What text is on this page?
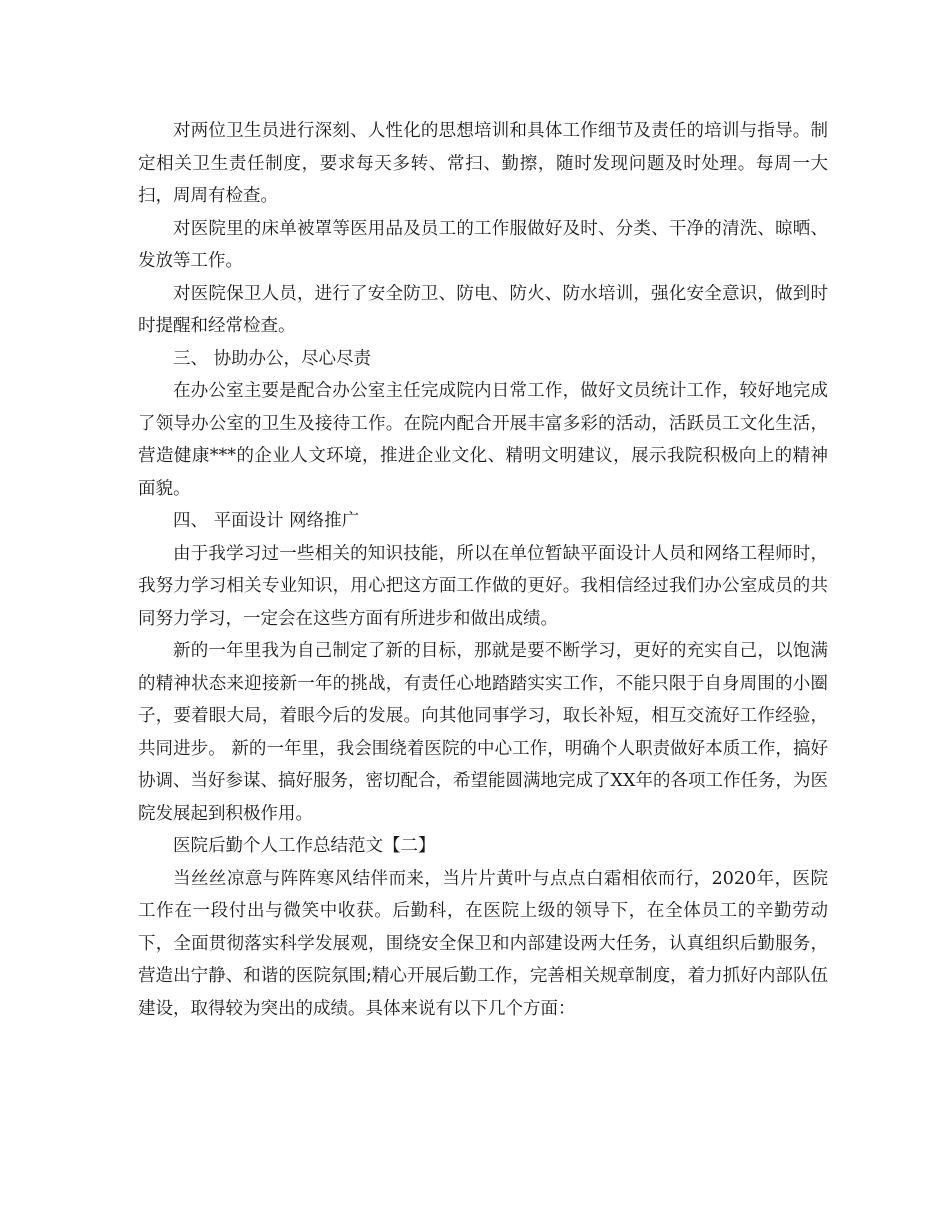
对两位卫生员进行深刻、人性化的思想培训和具体工作细节及责任的培训与指导。制定相关卫生责任制度，要求每天多转、常扫、勤擦，随时发现问题及时处理。每周一大扫，周周有检查。

对医院里的床单被罩等医用品及员工的工作服做好及时、分类、干净的清洗、晾晒、发放等工作。

对医院保卫人员，进行了安全防卫、防电、防火、防水培训，强化安全意识，做到时时提醒和经常检查。

三、 协助办公，尽心尽责

在办公室主要是配合办公室主任完成院内日常工作，做好文员统计工作，较好地完成了领导办公室的卫生及接待工作。在院内配合开展丰富多彩的活动，活跃员工文化生活，营造健康***的企业人文环境，推进企业文化、精明文明建议，展示我院积极向上的精神面貌。

四、 平面设计 网络推广

由于我学习过一些相关的知识技能，所以在单位暂缺平面设计人员和网络工程师时，我努力学习相关专业知识，用心把这方面工作做的更好。我相信经过我们办公室成员的共同努力学习，一定会在这些方面有所进步和做出成绩。

新的一年里我为自己制定了新的目标，那就是要不断学习，更好的充实自己，以饱满的精神状态来迎接新一年的挑战，有责任心地踏踏实实工作，不能只限于自身周围的小圈子，要着眼大局，着眼今后的发展。向其他同事学习，取长补短，相互交流好工作经验，共同进步。 新的一年里，我会围绕着医院的中心工作，明确个人职责做好本质工作，搞好协调、当好参谋、搞好服务，密切配合，希望能圆满地完成了XX年的各项工作任务，为医院发展起到积极作用。

医院后勤个人工作总结范文【二】

当丝丝凉意与阵阵寒风结伴而来，当片片黄叶与点点白霜相依而行，2020年，医院工作在一段付出与微笑中收获。后勤科，在医院上级的领导下，在全体员工的辛勤劳动下，全面贯彻落实科学发展观，围绕安全保卫和内部建设两大任务，认真组织后勤服务，营造出宁静、和谐的医院氛围;精心开展后勤工作，完善相关规章制度，着力抓好内部队伍建设，取得较为突出的成绩。具体来说有以下几个方面：
